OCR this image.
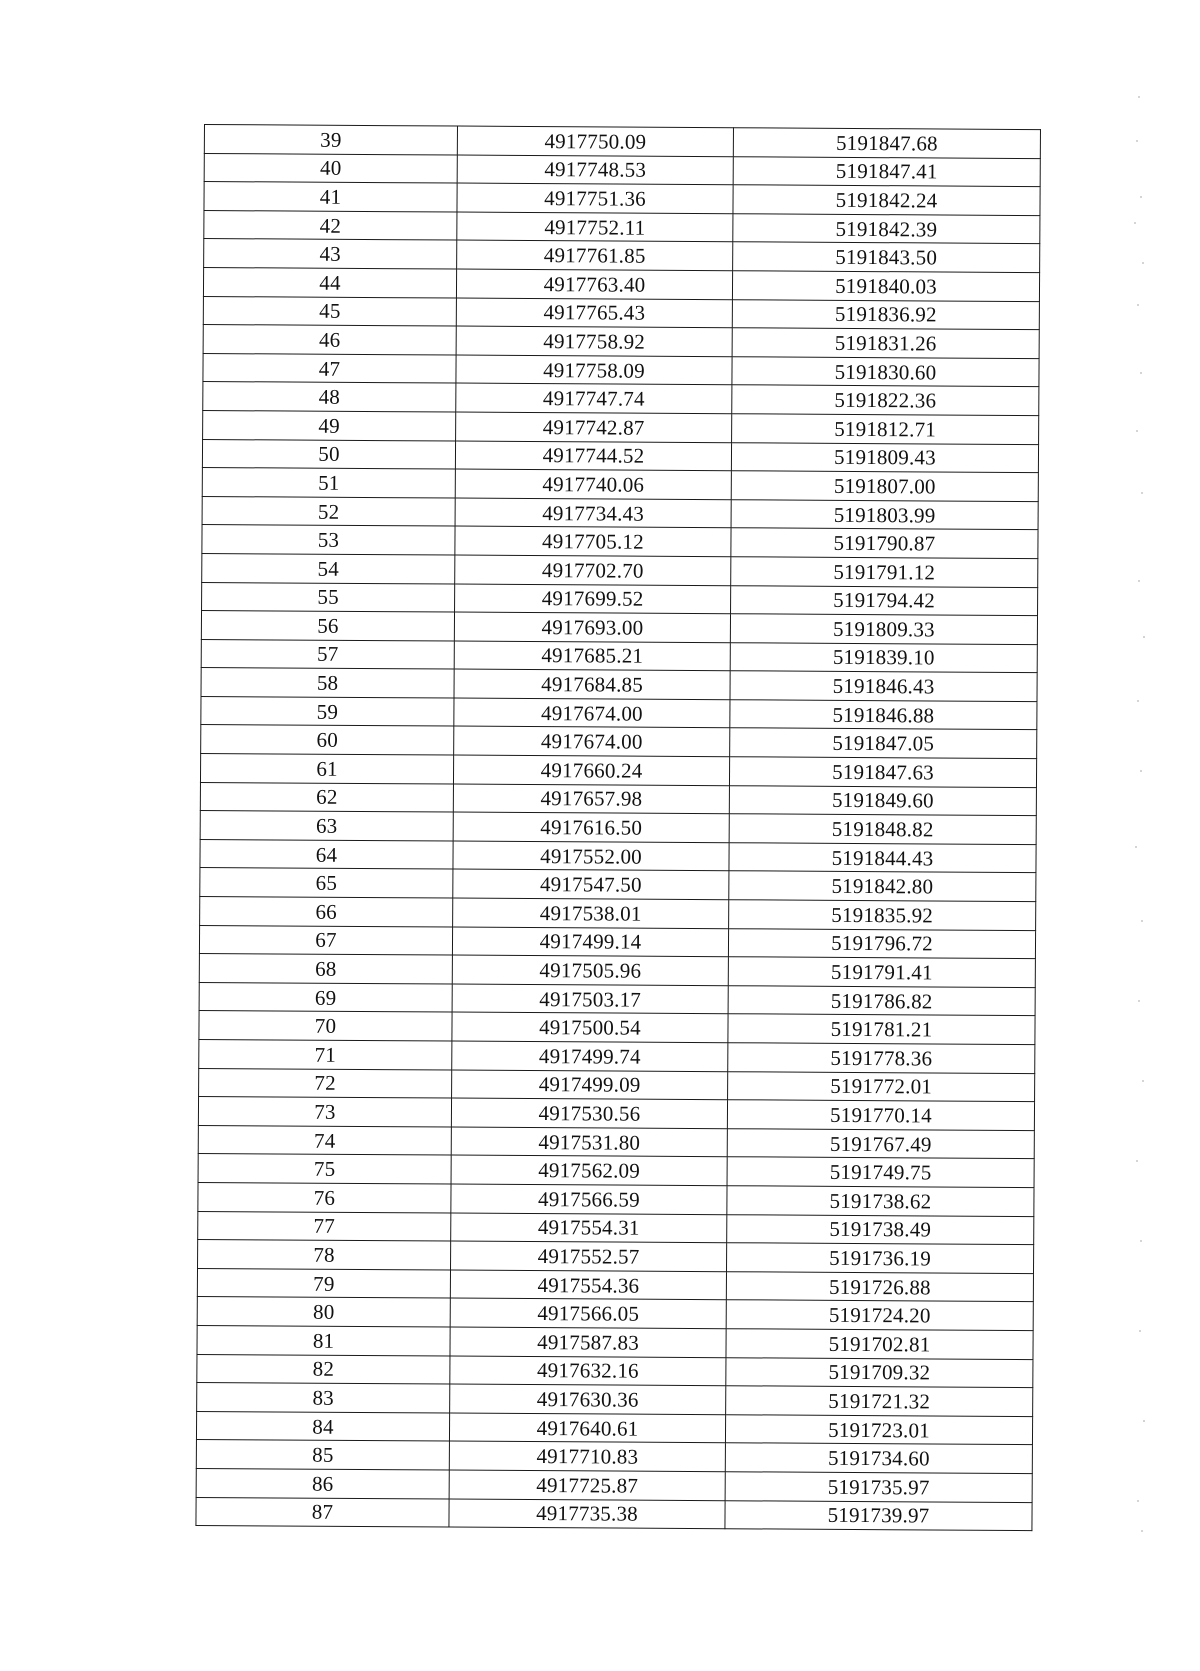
39	4917750.09	5191847.68
40	4917748.53	5191847.41
41	4917751.36	5191842.24
42	4917752.11	5191842.39
43	4917761.85	5191843.50
44	4917763.40	5191840.03
45	4917765.43	5191836.92
46	4917758.92	5191831.26
47	4917758.09	5191830.60
48	4917747.74	5191822.36
49	4917742.87	5191812.71
50	4917744.52	5191809.43
51	4917740.06	5191807.00
52	4917734.43	5191803.99
53	4917705.12	5191790.87
54	4917702.70	5191791.12
55	4917699.52	5191794.42
56	4917693.00	5191809.33
57	4917685.21	5191839.10
58	4917684.85	5191846.43
59	4917674.00	5191846.88
60	4917674.00	5191847.05
61	4917660.24	5191847.63
62	4917657.98	5191849.60
63	4917616.50	5191848.82
64	4917552.00	5191844.43
65	4917547.50	5191842.80
66	4917538.01	5191835.92
67	4917499.14	5191796.72
68	4917505.96	5191791.41
69	4917503.17	5191786.82
70	4917500.54	5191781.21
71	4917499.74	5191778.36
72	4917499.09	5191772.01
73	4917530.56	5191770.14
74	4917531.80	5191767.49
75	4917562.09	5191749.75
76	4917566.59	5191738.62
77	4917554.31	5191738.49
78	4917552.57	5191736.19
79	4917554.36	5191726.88
80	4917566.05	5191724.20
81	4917587.83	5191702.81
82	4917632.16	5191709.32
83	4917630.36	5191721.32
84	4917640.61	5191723.01
85	4917710.83	5191734.60
86	4917725.87	5191735.97
87	4917735.38	5191739.97
